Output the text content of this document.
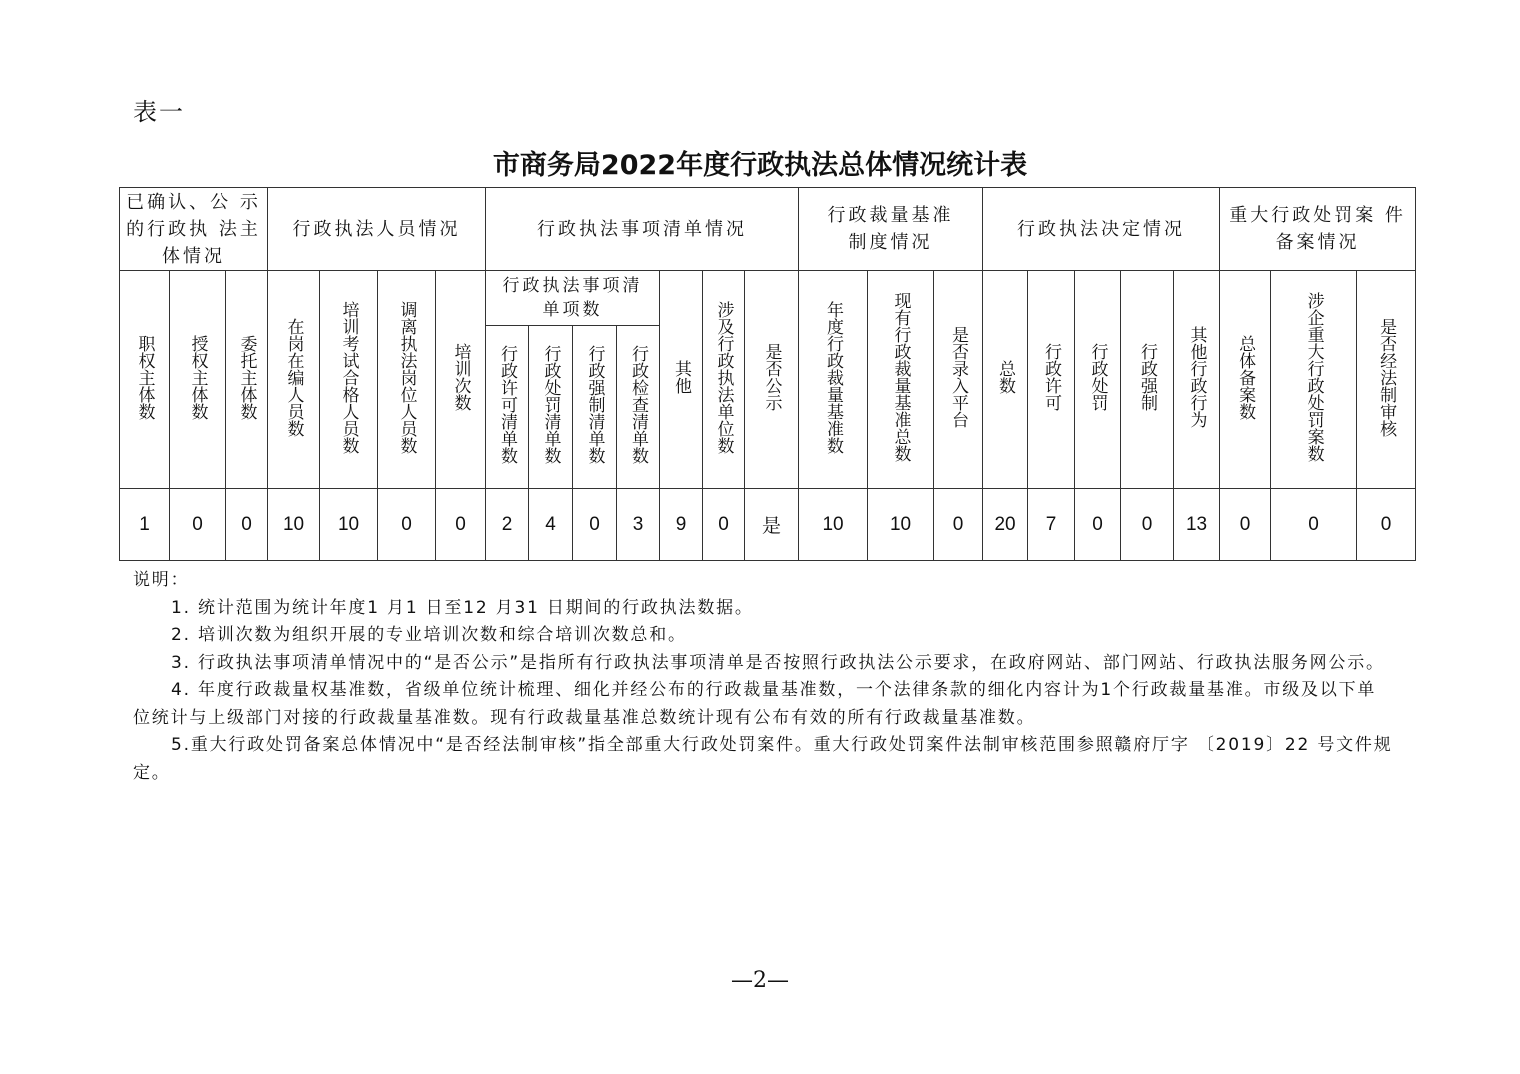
表一
市商务局2022年度行政执法总体情况统计表
已确认、公 示的行政执 法主体情况			行政执法人员情况				行政执法事项清单情况							行政裁量基准制度情况			行政执法决定情况					重大行政处罚案 件备案情况		
职权主体数	授权主体数	委托主体数	在岗在编人员数	培训考试合格人员数	调离执法岗位人员数	培训次数	行政执法事项清单项数				其他	涉及行政执法单位数	是否公示	年度行政裁量基准数	现有行政裁量基准总数	是否录入平台	总数	行政许可	行政处罚	行政强制	其他行政行为	总体备案数	涉企重大行政处罚案数	是否经法制审核
							行政许可清单数	行政处罚清单数	行政强制清单数	行政检查清单数														
1	0	0	10	10	0	0	2	4	0	3	9	0	是	10	10	0	20	7	0	0	13	0	0	0

说明：

1. 统计范围为统计年度1 月1 日至12 月31 日期间的行政执法数据。

2. 培训次数为组织开展的专业培训次数和综合培训次数总和。

3. 行政执法事项清单情况中的“是否公示”是指所有行政执法事项清单是否按照行政执法公示要求，在政府网站、部门网站、行政执法服务网公示。

4. 年度行政裁量权基准数，省级单位统计梳理、细化并经公布的行政裁量基准数，一个法律条款的细化内容计为1个行政裁量基准。市级及以下单位统计与上级部门对接的行政裁量基准数。现有行政裁量基准总数统计现有公布有效的所有行政裁量基准数。

5.重大行政处罚备案总体情况中“是否经法制审核”指全部重大行政处罚案件。重大行政处罚案件法制审核范围参照赣府厅字 〔2019〕22 号文件规定。

—2—
